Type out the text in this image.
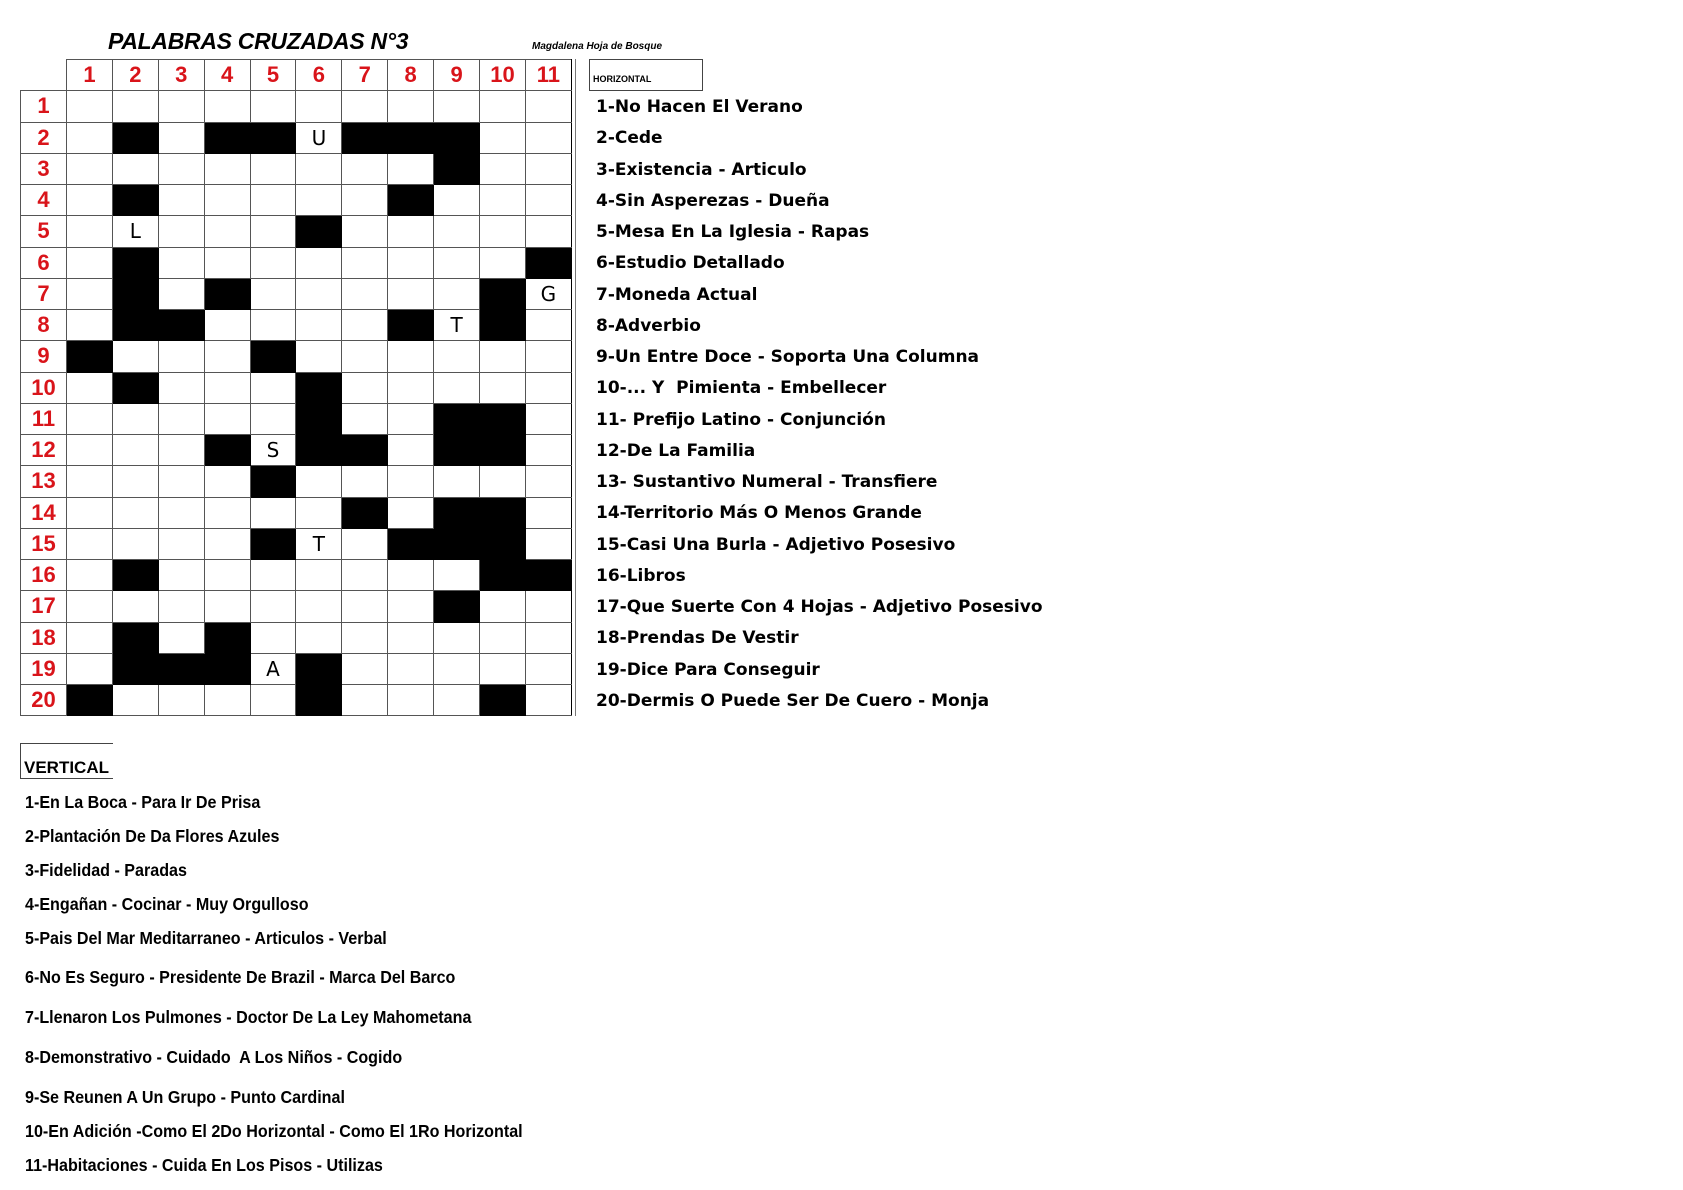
PALABRAS CRUZADAS N°3	Magdalena Hoja de Bosque
	1	2	3	4	5	6	7	8	9	10	11
1											
2						U					
3											
4											
5		L									
6											
7											G
8									T		
9											
10											
11											
12					S						
13											
14											
15						T					
16											
17											
18											
19					A						
20											
HORIZONTAL
1-No Hacen El Verano
2-Cede
3-Existencia - Articulo
4-Sin Asperezas - Dueña
5-Mesa En La Iglesia - Rapas
6-Estudio Detallado
7-Moneda Actual
8-Adverbio
9-Un Entre Doce - Soporta Una Columna
10-... Y  Pimienta - Embellecer
11- Prefijo Latino - Conjunción
12-De La Familia
13- Sustantivo Numeral - Transfiere
14-Territorio Más O Menos Grande
15-Casi Una Burla - Adjetivo Posesivo
16-Libros
17-Que Suerte Con 4 Hojas - Adjetivo Posesivo
18-Prendas De Vestir
19-Dice Para Conseguir
20-Dermis O Puede Ser De Cuero - Monja
VERTICAL
1-En La Boca - Para Ir De Prisa
2-Plantación De Da Flores Azules
3-Fidelidad - Paradas
4-Engañan - Cocinar - Muy Orgulloso
5-Pais Del Mar Meditarraneo - Articulos - Verbal
6-No Es Seguro - Presidente De Brazil - Marca Del Barco
7-Llenaron Los Pulmones - Doctor De La Ley Mahometana
8-Demonstrativo - Cuidado  A Los Niños - Cogido
9-Se Reunen A Un Grupo - Punto Cardinal
10-En Adición -Como El 2Do Horizontal - Como El 1Ro Horizontal
11-Habitaciones - Cuida En Los Pisos - Utilizas
